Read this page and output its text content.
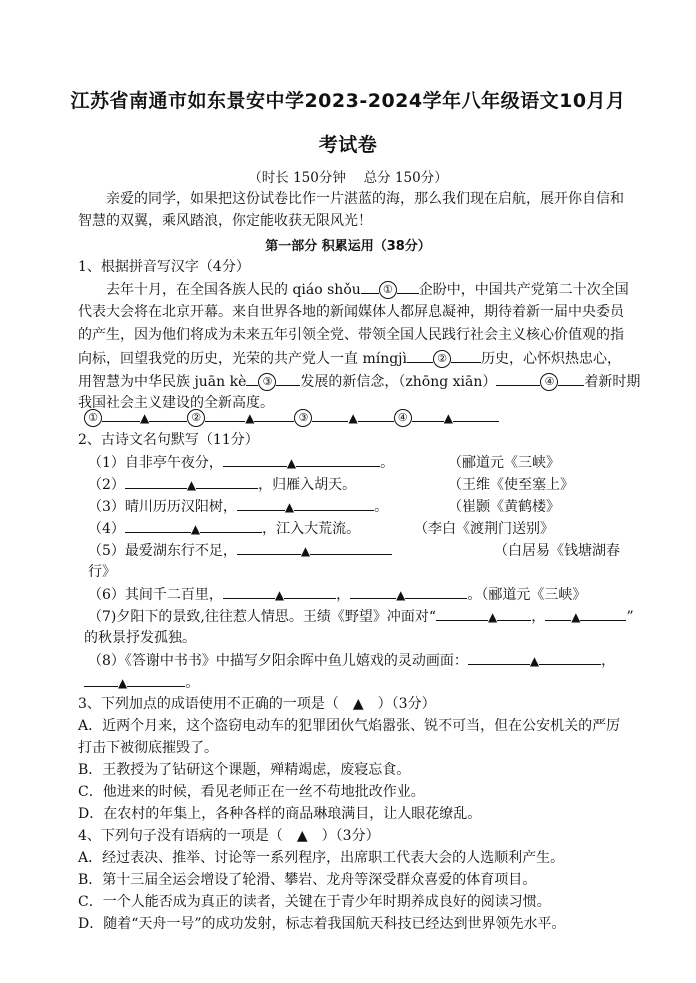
江苏省南通市如东景安中学2023-2024学年八年级语文10月月
考试卷
（时长 150分钟　 总分 150分）
亲爱的同学，如果把这份试卷比作一片湛蓝的海，那么我们现在启航，展开你自信和
智慧的双翼，乘风踏浪，你定能收获无限风光！
第一部分 积累运用（38分）
1、根据拼音写汉字（4分）
去年十月，在全国各族人民的 qiáo shǒu ① 企盼中，中国共产党第二十次全国
代表大会将在北京开幕。来自世界各地的新闻媒体人都屏息凝神，期待着新一届中央委员
的产生，因为他们将成为未来五年引领全党、带领全国人民践行社会主义核心价值观的指
向标，回望我党的历史，光荣的共产党人一直 míngjì	② 历史，心怀炽热忠心，
用智慧为中华民族 juān kè ③ 发展的新信念，（zhōng xiān）	④ 着新时期
我国社会主义建设的全新高度。
①	▲	②	▲	③	▲	④	▲
2、古诗文名句默写（11分）
（1）自非亭午夜分，	▲	。	（郦道元《三峡》
（2）	▲	，归雁入胡天。	（王维《使至塞上》
（3）晴川历历汉阳树，	▲	。	（崔颢《黄鹤楼》
（4）	▲	，江入大荒流。	（李白《渡荆门送别》
（5）最爱湖东行不足，	▲	（白居易《钱塘湖春
行》
（6）其间千二百里，	▲	，	▲	。（郦道元《三峡》
（7)夕阳下的景致,往往惹人情思。王绩《野望》冲面对“	▲ ， ▲	”
的秋景抒发孤独。
（8）《答谢中书书》中描写夕阳余晖中鱼儿嬉戏的灵动画面：	▲	，
▲	。
3、下列加点的成语使用不正确的一项是（　▲　）（3分）
A．近两个月来，这个盗窃电动车的犯罪团伙气焰嚣张、锐不可当，但在公安机关的严厉
打击下被彻底摧毁了。
B．王教授为了钻研这个课题，殚精竭虑，废寝忘食。
C．他进来的时候，看见老师正在一丝不苟地批改作业。
D．在农村的年集上，各种各样的商品琳琅满目，让人眼花缭乱。
4、下列句子没有语病的一项是（　▲　）（3分）
A．经过表决、推举、讨论等一系列程序，出席职工代表大会的人选顺利产生。
B．第十三届全运会增设了轮滑、攀岩、龙舟等深受群众喜爱的体育项目。
C．一个人能否成为真正的读者，关键在于青少年时期养成良好的阅读习惯。
D．随着“天舟一号”的成功发射，标志着我国航天科技已经达到世界领先水平。
